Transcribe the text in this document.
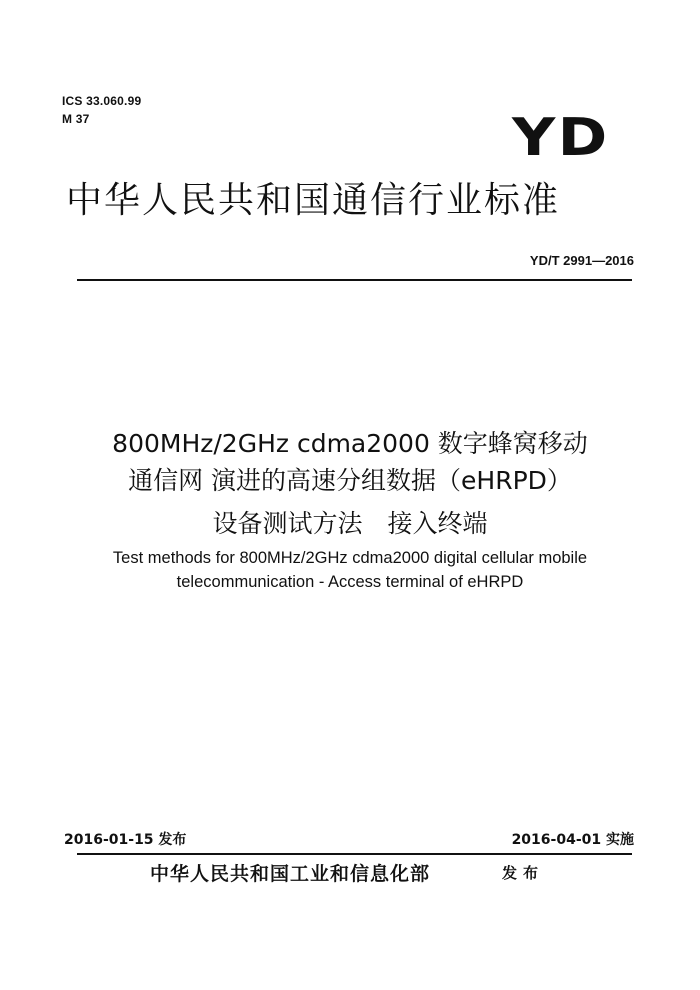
ICS 33.060.99
M 37	YD
中华人民共和国通信行业标准
YD/T 2991—2016
800MHz/2GHz cdma2000 数字蜂窝移动
通信网 演进的高速分组数据（eHRPD）
设备测试方法　接入终端
Test methods for 800MHz/2GHz cdma2000 digital cellular mobile
telecommunication - Access terminal of eHRPD
2016-01-15 发布	2016-04-01 实施
中华人民共和国工业和信息化部	发布
